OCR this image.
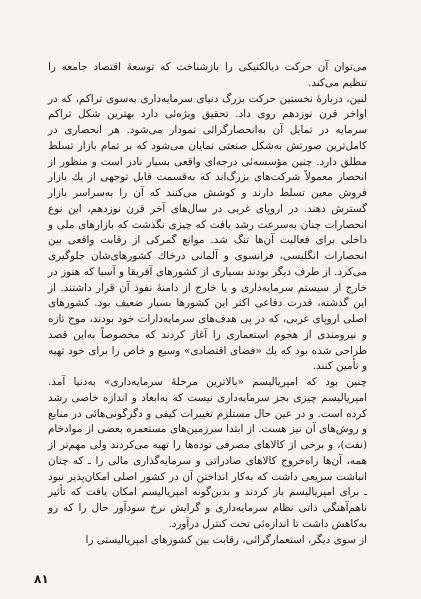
می‌توان آن حرکت دیالکتیکی را بازشناخت که توسعهٔ اقتصاد جامعه را تنظیم می‌کند.

لنین، دربارهٔ نخستین حرکت بزرگ دنیای سرمایه‌داری به‌سوی تراکم، که در اواخر قرن نوزدهم روی داد. تحقیق ویژه‌ئی دارد بهترین شکل تراکم سرمایه در تمایل آن به‌انحصارگرائی نمودار می‌شود. هر انحصاری در کامل‌ترین صورتش به‌شکل صنعتی نمایان می‌شود که بر تمام بازار تسلط مطلق دارد. چنین مؤسسه‌ئی درجه‌ای واقعی بسیار نادر است و منظور از انحصار معمولاً شرکت‌های بزرگ‌اند که به‌قسمت قابل توجهی از یك بازار فروش معین تسلط دارند و کوشش می‌کنند که آن را به‌سراسر بازار گسترش دهند. در اروپای غربی در سال‌های آخر قرن نوزدهم، این نوع انحصارات چنان به‌سرعت رشد یافت که چیزی نگذشت که بازارهای ملی و داخلی برای فعالیت آن‌ها تنگ شد. موانع گمرکی از رقابت واقعی بین انحصارات انگلیسی، فرانسوی و آلمانی درخاك کشورهای‌شان جلوگیری می‌کرد. از طرف دیگر بودند بسیاری از کشورهای آفریقا و آسیا که هنوز در خارج از سیستم سرمایه‌داری و یا خارج از دامنهٔ نفوذ آن قرار داشتند. از این گذشته، قدرت دفاعی اکثر این کشورها بسیار ضعیف بود. کشورهای اصلی اروپای غربی، که در پی هدف‌های سرمایه‌دارات خود بودند، موج تازه و نیرومندی از هجوم استعماری را آغاز کردند که مخصوصاً به‌این قصد طراحی شده بود که یك «فضای اقتصادی» وسیع و خاص را برای خود تهیه و تأمین کنند.

چنین بود که امپریالیسم «بالاترین مرحلهٔ سرمایه‌داری» به‌دنیا آمد. امپریالیسم چیزی بجز سرمایه‌داری نیست که به‌ابعاد و اندازه خاصی رشد کرده است. و در عین حال مستلزم تغییرات کیفی و دگرگونی‌هائی در منابع و روش‌های آن نیز هست. از ابتدا سرزمین‌های مستعمره بعضی از موادخام (نفت)، و برخی از کالاهای مصرفی توده‌ها را تهیه می‌کردند ولی مهم‌تر از همه، آن‌ها راه‌خروج کالاهای صادراتی و سرمایه‌گذاری مالی را ـ که چنان انباشت سریعی داشت که به‌کار انداختن آن در کشور اصلی امکان‌پذیر نبود ـ برای امپریالیسم باز کردند و بدین‌گونه امپریالیسم امکان یافت که تأثیر ناهم‌آهنگی ذاتی نظام سرمایه‌داری و گرایش نرخ سودآور حال را که رو به‌کاهش داشت تا اندازه‌ئی تحت کنترل درآورد.

از سوی دیگر، استعمارگرائی، رقابت بین کشورهای امپریالیستی را

۸۱
